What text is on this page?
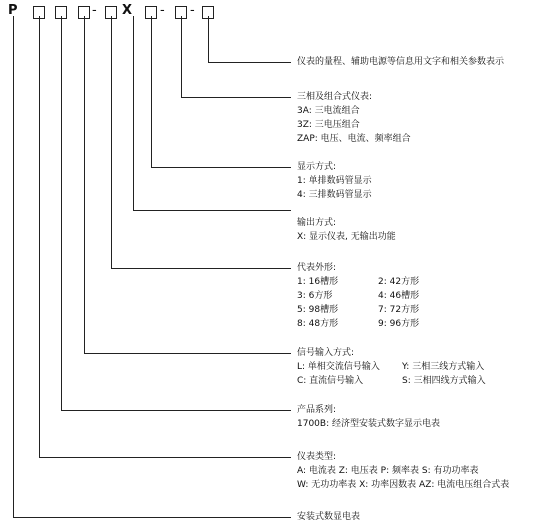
P	- X - -
仪表的量程、辅助电源等信息用文字和相关参数表示
三相及组合式仪表:
3A: 三电流组合
3Z: 三电压组合
ZAP: 电压、电流、频率组合
显示方式:
1: 单排数码管显示
4: 三排数码管显示
输出方式:
X: 显示仪表, 无输出功能
代表外形:
1: 16槽形	2: 42方形
3: 6方形	4: 46槽形
5: 98槽形	7: 72方形
8: 48方形	9: 96方形
信号输入方式:
L: 单相交流信号输入 Y: 三相三线方式输入
C: 直流信号输入	S: 三相四线方式输入
产品系列:
1700B: 经济型安装式数字显示电表
仪表类型:
A: 电流表 Z: 电压表 P: 频率表 S: 有功功率表
W: 无功功率表 X: 功率因数表 AZ: 电流电压组合式表
安装式数显电表
